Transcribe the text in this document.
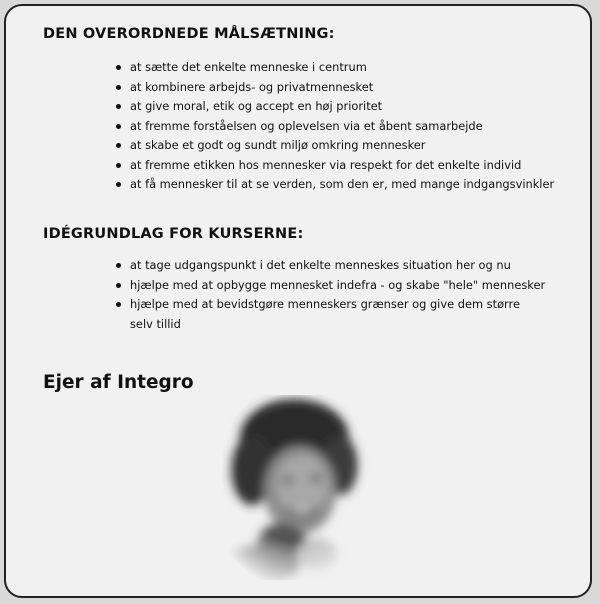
DEN OVERORDNEDE MÅLSÆTNING:
at sætte det enkelte menneske i centrum
at kombinere arbejds- og privatmennesket
at give moral, etik og accept en høj prioritet
at fremme forståelsen og oplevelsen via et åbent samarbejde
at skabe et godt og sundt miljø omkring mennesker
at fremme etikken hos mennesker via respekt for det enkelte individ
at få mennesker til at se verden, som den er, med mange indgangsvinkler
IDÉGRUNDLAG FOR KURSERNE:
at tage udgangspunkt i det enkelte menneskes situation her og nu
hjælpe med at opbygge mennesket indefra - og skabe "hele" mennesker
hjælpe med at bevidstgøre menneskers grænser og give dem større selv tillid
Ejer af Integro
